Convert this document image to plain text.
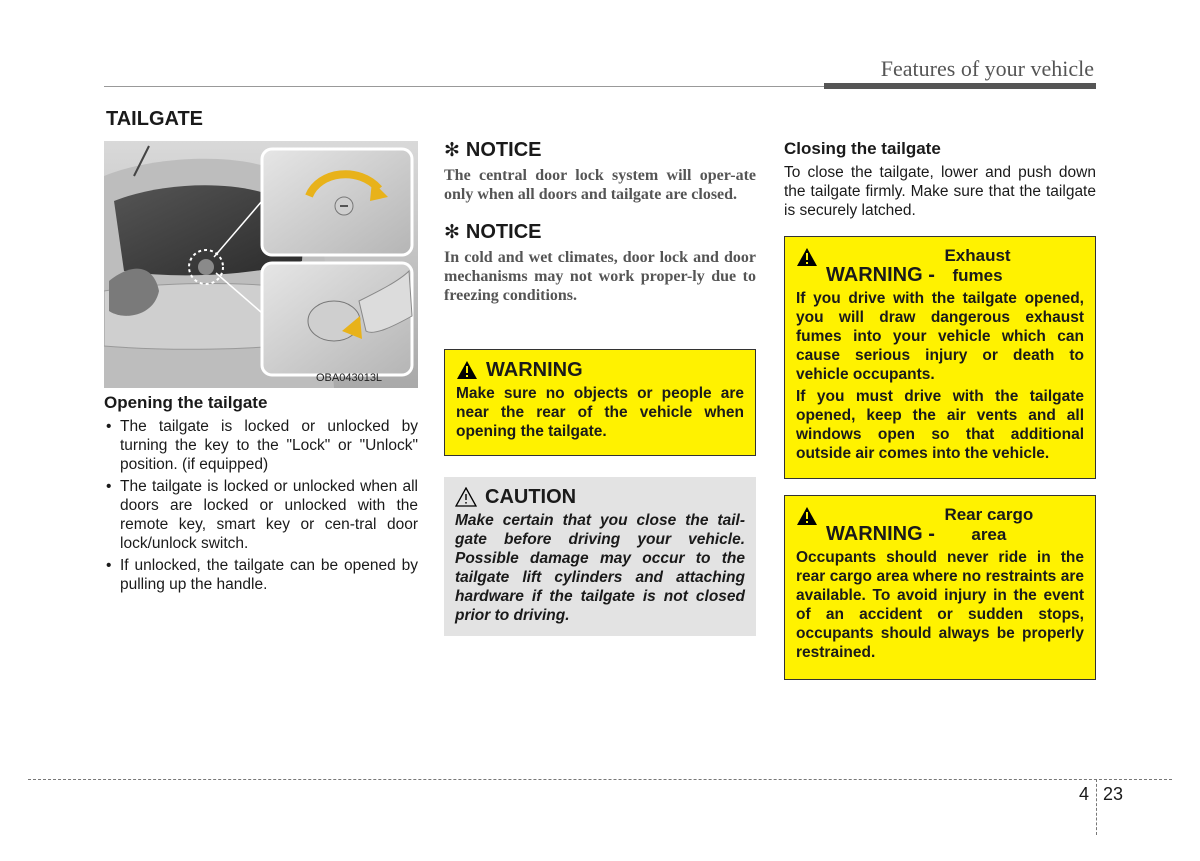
Features of your vehicle
TAILGATE
OBA043013L
Opening the tailgate
• The tailgate is locked or unlocked by turning the key to the "Lock" or "Unlock" position. (if equipped)
• The tailgate is locked or unlocked when all doors are locked or unlocked with the remote key, smart key or cen-tral door lock/unlock switch.
• If unlocked, the tailgate can be opened by pulling up the handle.
✻ NOTICE

The central door lock system will oper-ate only when all doors and tailgate are closed.

✻ NOTICE

In cold and wet climates, door lock and door mechanisms may not work proper-ly due to freezing conditions.

WARNING

Make sure no objects or people are near the rear of the vehicle when opening the tailgate.

CAUTION

Make certain that you close the tail-gate before driving your vehicle. Possible damage may occur to the tailgate lift cylinders and attaching hardware if the tailgate is not closed prior to driving.

Closing the tailgate

To close the tailgate, lower and push down the tailgate firmly. Make sure that the tailgate is securely latched.

WARNING - Exhaust
fumes

If you drive with the tailgate opened, you will draw dangerous exhaust fumes into your vehicle which can cause serious injury or death to vehicle occupants.

If you must drive with the tailgate opened, keep the air vents and all windows open so that additional outside air comes into the vehicle.

WARNING - Rear cargo
area

Occupants should never ride in the rear cargo area where no restraints are available. To avoid injury in the event of an accident or sudden stops, occupants should always be properly restrained.

4 23
